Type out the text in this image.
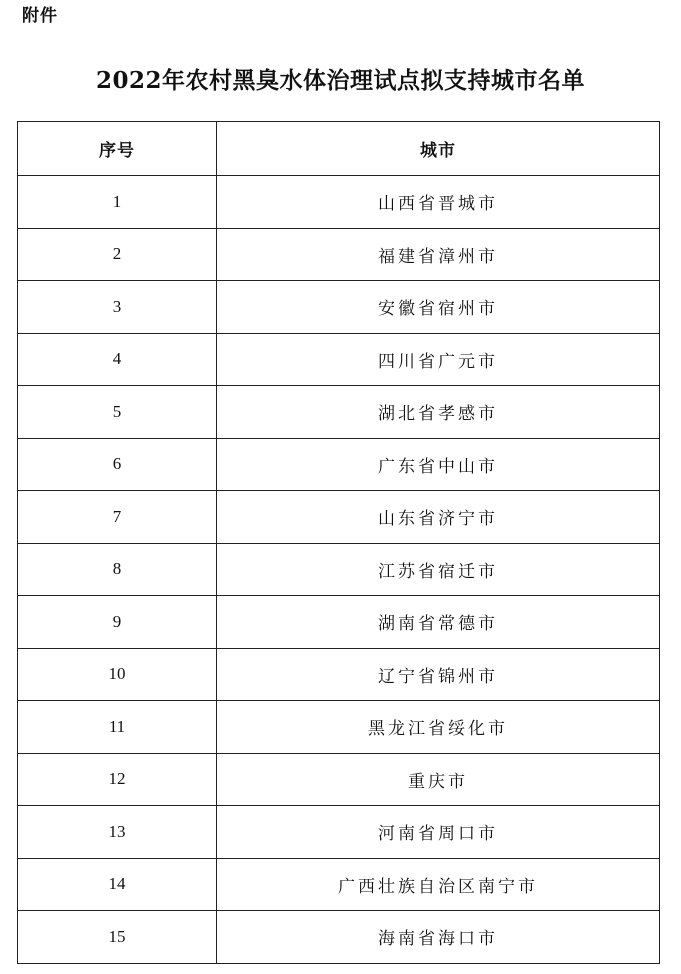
附件
2022年农村黑臭水体治理试点拟支持城市名单
序号	城市
1	山西省晋城市
2	福建省漳州市
3	安徽省宿州市
4	四川省广元市
5	湖北省孝感市
6	广东省中山市
7	山东省济宁市
8	江苏省宿迁市
9	湖南省常德市
10	辽宁省锦州市
11	黑龙江省绥化市
12	重庆市
13	河南省周口市
14	广西壮族自治区南宁市
15	海南省海口市
